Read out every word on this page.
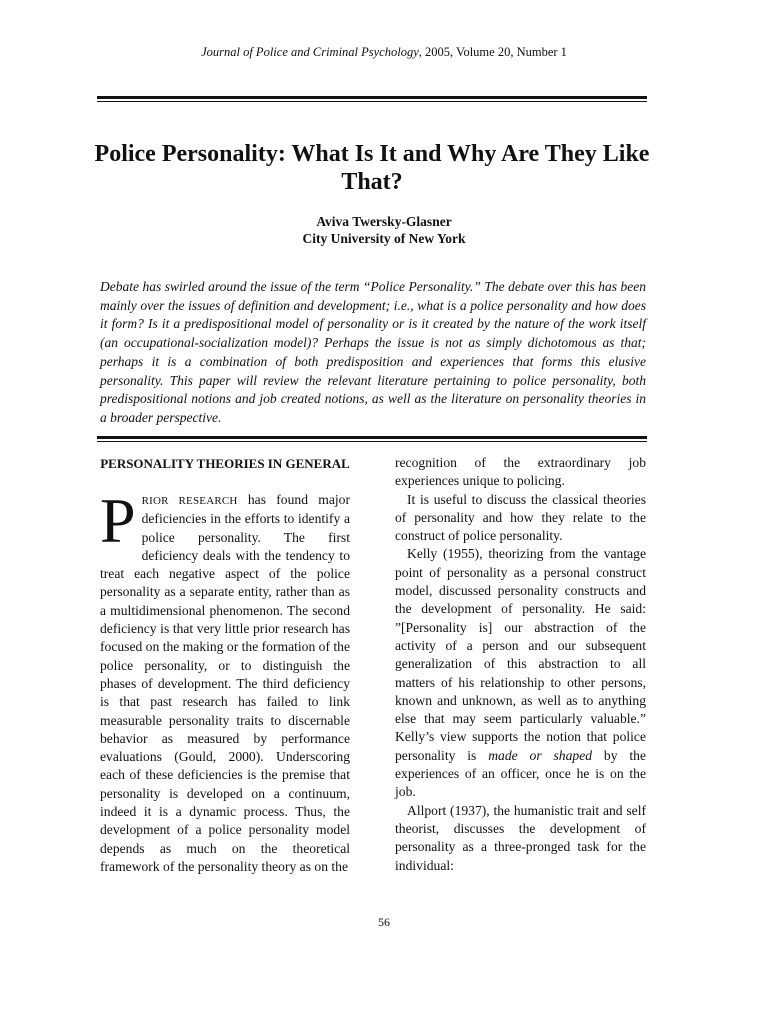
Journal of Police and Criminal Psychology, 2005, Volume 20, Number 1
Police Personality: What Is It and Why Are They Like That?
Aviva Twersky-Glasner
City University of New York

Debate has swirled around the issue of the term “Police Personality.” The debate over this has been mainly over the issues of definition and development; i.e., what is a police personality and how does it form? Is it a predispositional model of personality or is it created by the nature of the work itself (an occupational-socialization model)? Perhaps the issue is not as simply dichotomous as that; perhaps it is a combination of both predisposition and experiences that forms this elusive personality. This paper will review the relevant literature pertaining to police personality, both predispositional notions and job created notions, as well as the literature on personality theories in a broader perspective.

PERSONALITY THEORIES IN GENERAL

PRIOR RESEARCH has found major deficiencies in the efforts to identify a police personality. The first deficiency deals with the tendency to treat each negative aspect of the police personality as a separate entity, rather than as a multidimensional phenomenon. The second deficiency is that very little prior research has focused on the making or the formation of the police personality, or to distinguish the phases of development. The third deficiency is that past research has failed to link measurable personality traits to discernable behavior as measured by performance evaluations (Gould, 2000). Underscoring each of these deficiencies is the premise that personality is developed on a continuum, indeed it is a dynamic process. Thus, the development of a police personality model depends as much on the theoretical framework of the personality theory as on the

recognition of the extraordinary job experiences unique to policing.

It is useful to discuss the classical theories of personality and how they relate to the construct of police personality.

Kelly (1955), theorizing from the vantage point of personality as a personal construct model, discussed personality constructs and the development of personality. He said: ”[Personality is] our abstraction of the activity of a person and our subsequent generalization of this abstraction to all matters of his relationship to other persons, known and unknown, as well as to anything else that may seem particularly valuable.” Kelly’s view supports the notion that police personality is made or shaped by the experiences of an officer, once he is on the job.

Allport (1937), the humanistic trait and self theorist, discusses the development of personality as a three-pronged task for the individual:

56
